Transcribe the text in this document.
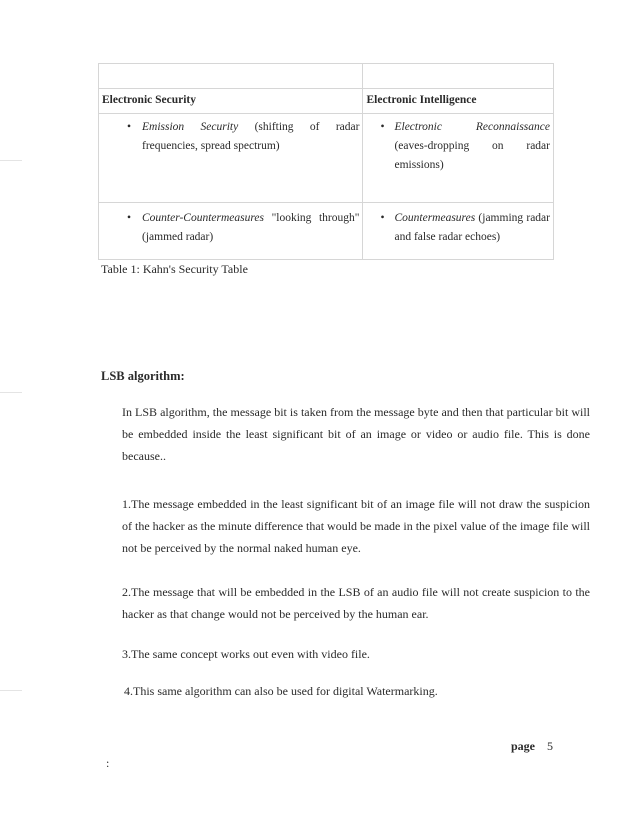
Electronic Security	Electronic Intelligence

• Emission Security (shifting of radar frequencies, spread spectrum)	• Electronic Reconnaissance (eaves-dropping on radar emissions)

• Counter-Countermeasures "looking through" (jammed radar)	• Countermeasures (jamming radar and false radar echoes)
Table 1: Kahn's Security Table
LSB algorithm:

In LSB algorithm, the message bit is taken from the message byte and then that particular bit will be embedded inside the least significant bit of an image or video or audio file. This is done because..

1.The message embedded in the least significant bit of an image file will not draw the suspicion of the hacker as the minute difference that would be made in the pixel value of the image file will not be perceived by the normal naked human eye.

2.The message that will be embedded in the LSB of an audio file will not create suspicion to the hacker as that change would not be perceived by the human ear.

3.The same concept works out even with video file.

4.This same algorithm can also be used for digital Watermarking.

page 5
:
